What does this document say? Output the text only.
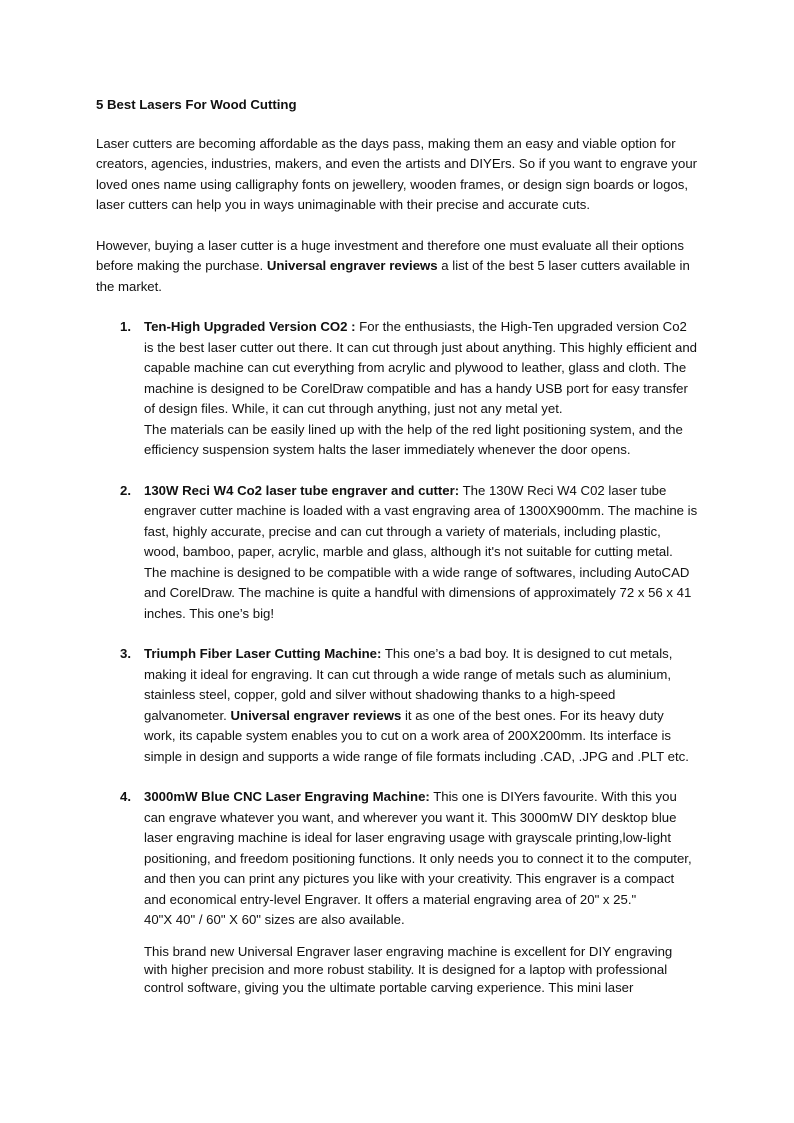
5 Best Lasers For Wood Cutting

Laser cutters are becoming affordable as the days pass, making them an easy and viable option for creators, agencies, industries, makers, and even the artists and DIYErs. So if you want to engrave your loved ones name using calligraphy fonts on jewellery, wooden frames, or design sign boards or logos, laser cutters can help you in ways unimaginable with their precise and accurate cuts.

However, buying a laser cutter is a huge investment and therefore one must evaluate all their options before making the purchase. Universal engraver reviews a list of the best 5 laser cutters available in the market.

1. Ten-High Upgraded Version CO2 : For the enthusiasts, the High-Ten upgraded version Co2 is the best laser cutter out there. It can cut through just about anything. This highly efficient and capable machine can cut everything from acrylic and plywood to leather, glass and cloth. The machine is designed to be CorelDraw compatible and has a handy USB port for easy transfer of design files. While, it can cut through anything, just not any metal yet.
The materials can be easily lined up with the help of the red light positioning system, and the efficiency suspension system halts the laser immediately whenever the door opens.
2. 130W Reci W4 Co2 laser tube engraver and cutter: The 130W Reci W4 C02 laser tube engraver cutter machine is loaded with a vast engraving area of 1300X900mm. The machine is fast, highly accurate, precise and can cut through a variety of materials, including plastic, wood, bamboo, paper, acrylic, marble and glass, although it's not suitable for cutting metal. The machine is designed to be compatible with a wide range of softwares, including AutoCAD and CorelDraw. The machine is quite a handful with dimensions of approximately 72 x 56 x 41 inches. This one’s big!
3. Triumph Fiber Laser Cutting Machine: This one’s a bad boy. It is designed to cut metals, making it ideal for engraving. It can cut through a wide range of metals such as aluminium, stainless steel, copper, gold and silver without shadowing thanks to a high-speed galvanometer. Universal engraver reviews it as one of the best ones. For its heavy duty work, its capable system enables you to cut on a work area of 200X200mm. Its interface is simple in design and supports a wide range of file formats including .CAD, .JPG and .PLT etc.
4. 3000mW Blue CNC Laser Engraving Machine: This one is DIYers favourite. With this you can engrave whatever you want, and wherever you want it. This 3000mW DIY desktop blue laser engraving machine is ideal for laser engraving usage with grayscale printing,low-light positioning, and freedom positioning functions. It only needs you to connect it to the computer, and then you can print any pictures you like with your creativity. This engraver is a compact and economical entry-level Engraver. It offers a material engraving area of 20" x 25."
40"X 40" / 60" X 60" sizes are also available.

This brand new Universal Engraver laser engraving machine is excellent for DIY engraving with higher precision and more robust stability. It is designed for a laptop with professional control software, giving you the ultimate portable carving experience. This mini laser
